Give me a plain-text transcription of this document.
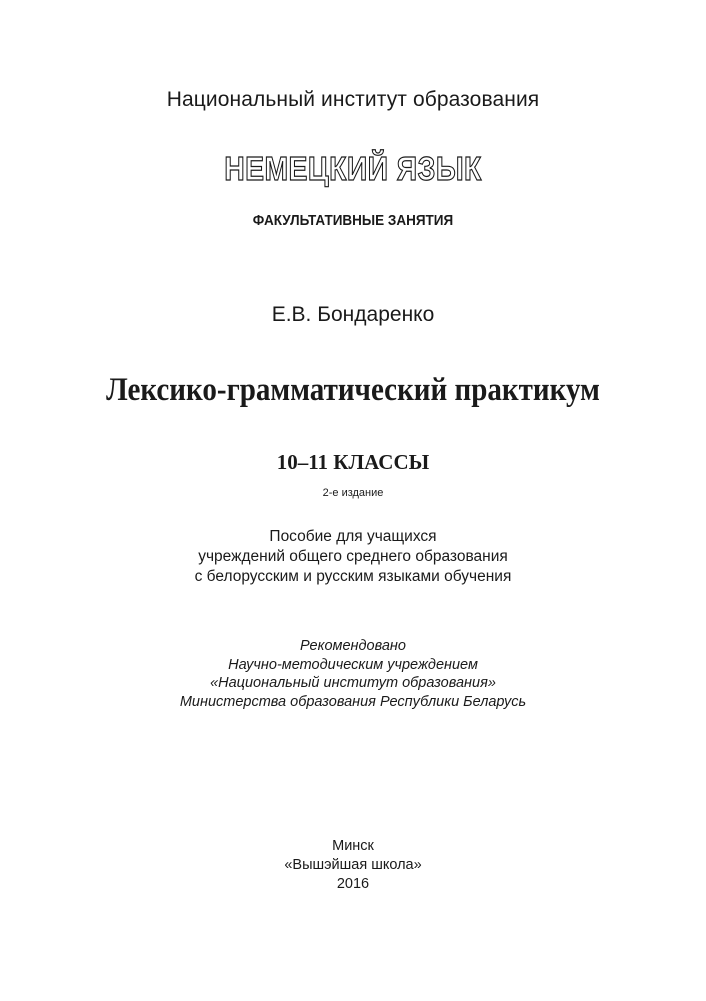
Национальный институт образования
НЕМЕЦКИЙ ЯЗЫК
ФАКУЛЬТАТИВНЫЕ ЗАНЯТИЯ
Е.В. Бондаренко
Лексико-грамматический практикум
10–11 КЛАССЫ
2-е издание
Пособие для учащихся
учреждений общего среднего образования
с белорусским и русским языками обучения
Рекомендовано
Научно-методическим учреждением
«Национальный институт образования»
Министерства образования Республики Беларусь
Минск
«Вышэйшая школа»
2016
